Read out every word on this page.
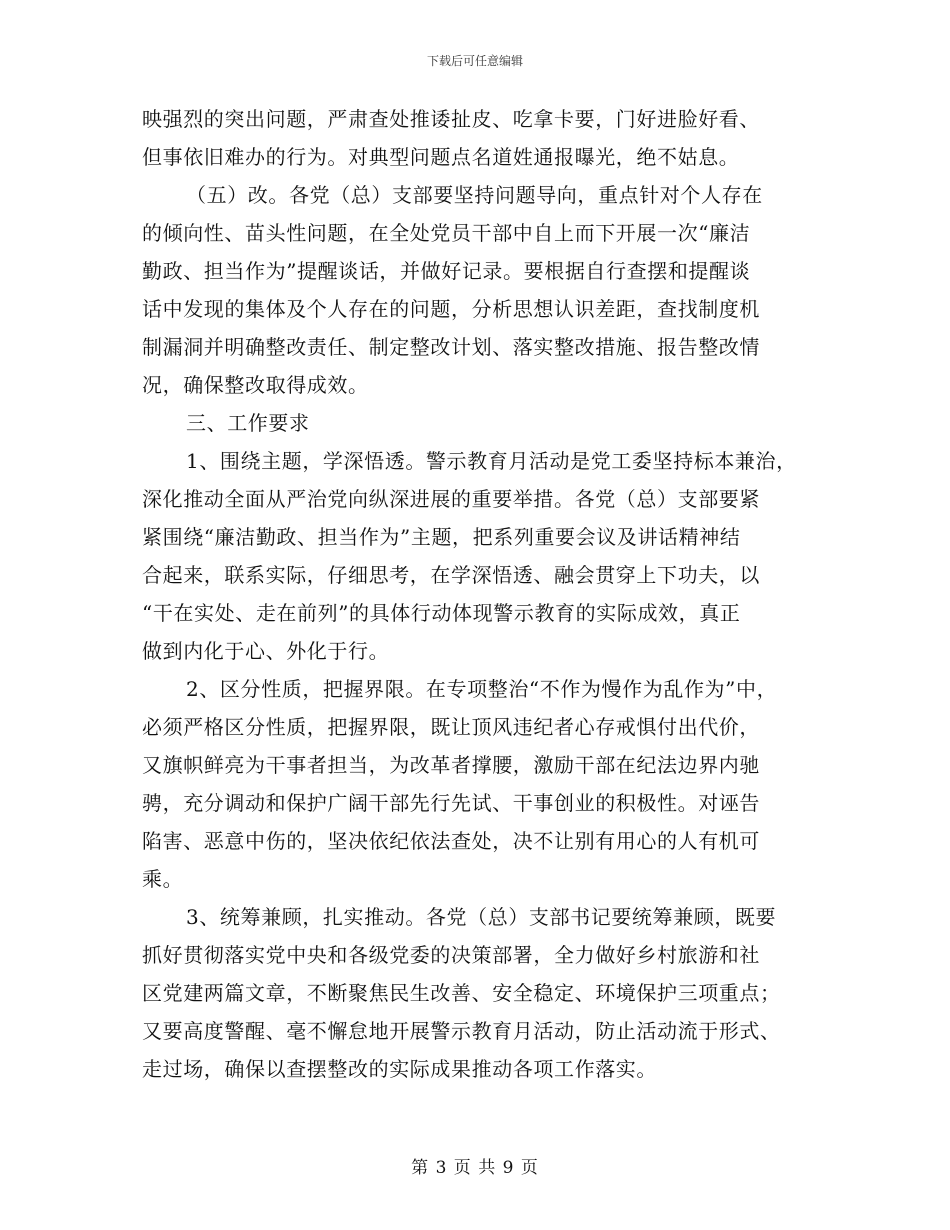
下载后可任意编辑
映强烈的突出问题，严肃查处推诿扯皮、吃拿卡要，门好进脸好看、
但事依旧难办的行为。对典型问题点名道姓通报曝光，绝不姑息。
（五）改。各党（总）支部要坚持问题导向，重点针对个人存在
的倾向性、苗头性问题，在全处党员干部中自上而下开展一次“廉洁
勤政、担当作为”提醒谈话，并做好记录。要根据自行查摆和提醒谈
话中发现的集体及个人存在的问题，分析思想认识差距，查找制度机
制漏洞并明确整改责任、制定整改计划、落实整改措施、报告整改情
况，确保整改取得成效。
三、工作要求
1、围绕主题，学深悟透。警示教育月活动是党工委坚持标本兼治，
深化推动全面从严治党向纵深进展的重要举措。各党（总）支部要紧
紧围绕“廉洁勤政、担当作为”主题，把系列重要会议及讲话精神结
合起来，联系实际，仔细思考，在学深悟透、融会贯穿上下功夫，以
“干在实处、走在前列”的具体行动体现警示教育的实际成效，真正
做到内化于心、外化于行。
2、区分性质，把握界限。在专项整治“不作为慢作为乱作为”中，
必须严格区分性质，把握界限，既让顶风违纪者心存戒惧付出代价，
又旗帜鲜亮为干事者担当，为改革者撑腰，激励干部在纪法边界内驰
骋，充分调动和保护广阔干部先行先试、干事创业的积极性。对诬告
陷害、恶意中伤的，坚决依纪依法查处，决不让别有用心的人有机可
乘。
3、统筹兼顾，扎实推动。各党（总）支部书记要统筹兼顾，既要
抓好贯彻落实党中央和各级党委的决策部署，全力做好乡村旅游和社
区党建两篇文章，不断聚焦民生改善、安全稳定、环境保护三项重点；
又要高度警醒、毫不懈怠地开展警示教育月活动，防止活动流于形式、
走过场，确保以查摆整改的实际成果推动各项工作落实。
第 3 页 共 9 页
